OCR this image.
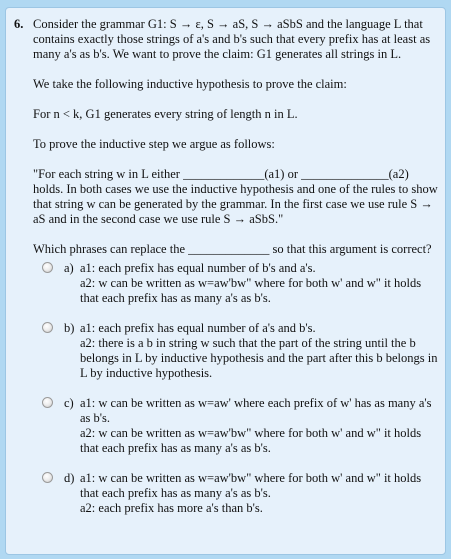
6. Consider the grammar G1: S → ε, S → aS, S → aSbS and the language L that contains exactly those strings of a's and b's such that every prefix has at least as many a's as b's. We want to prove the claim: G1 generates all strings in L.

We take the following inductive hypothesis to prove the claim:

For n < k, G1 generates every string of length n in L.

To prove the inductive step we argue as follows:

"For each string w in L either _____________(a1) or ______________(a2) holds. In both cases we use the inductive hypothesis and one of the rules to show that string w can be generated by the grammar. In the first case we use rule S → aS and in the second case we use rule S → aSbS."

Which phrases can replace the _____________ so that this argument is correct?

a) a1: each prefix has equal number of b's and a's.

a2: w can be written as w=aw'bw" where for both w' and w" it holds that each prefix has as many a's as b's.

b) a1: each prefix has equal number of a's and b's.

a2: there is a b in string w such that the part of the string until the b belongs in L by inductive hypothesis and the part after this b belongs in L by inductive hypothesis.

c) a1: w can be written as w=aw' where each prefix of w' has as many a's as b's.

a2: w can be written as w=aw'bw" where for both w' and w" it holds that each prefix has as many a's as b's.

d) a1: w can be written as w=aw'bw" where for both w' and w" it holds that each prefix has as many a's as b's.

a2: each prefix has more a's than b's.
